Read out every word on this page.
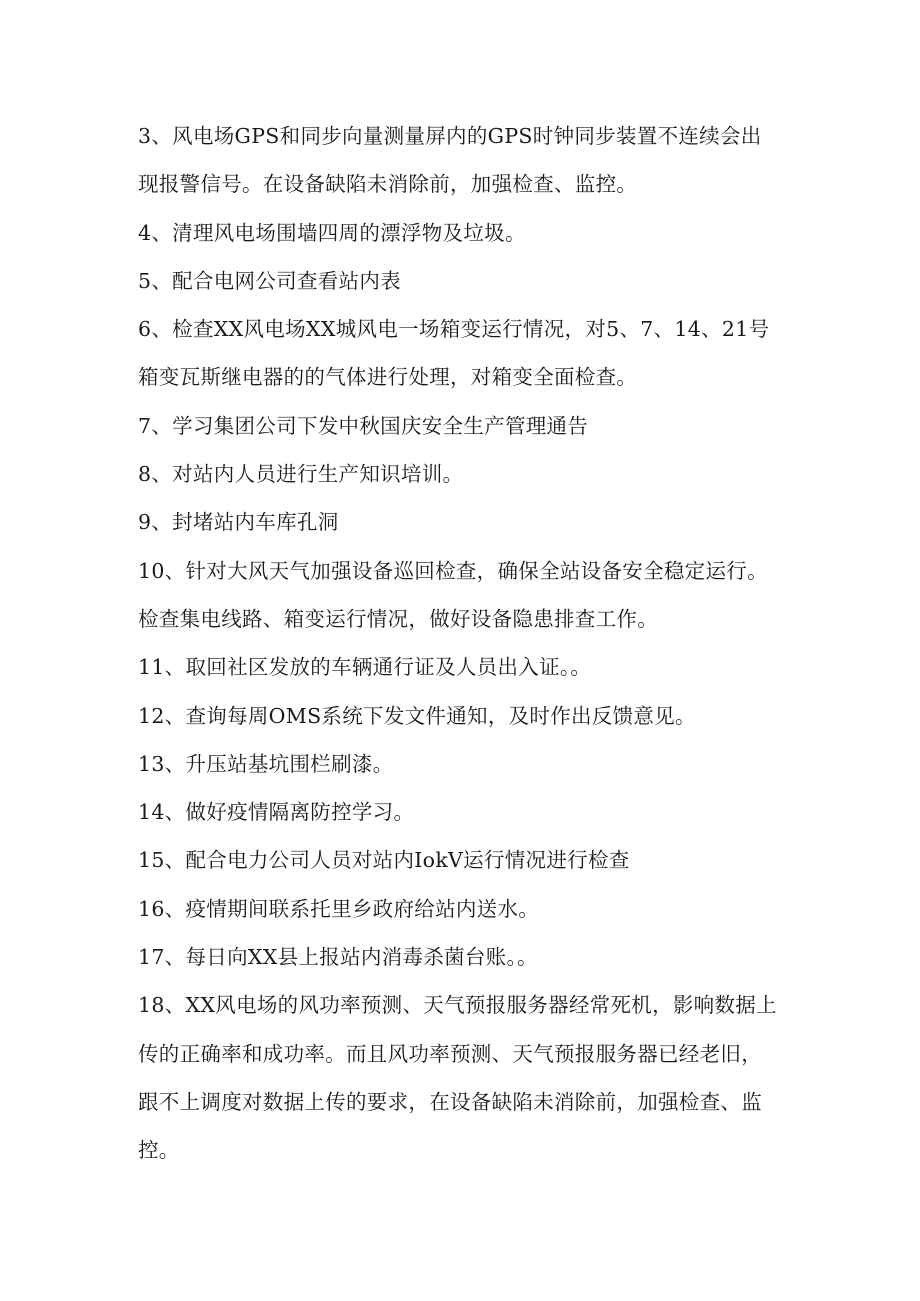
3、风电场GPS和同步向量测量屏内的GPS时钟同步装置不连续会出
现报警信号。在设备缺陷未消除前，加强检查、监控。
4、清理风电场围墙四周的漂浮物及垃圾。
5、配合电网公司查看站内表
6、检查XX风电场XX城风电一场箱变运行情况，对5、7、14、21号
箱变瓦斯继电器的的气体进行处理，对箱变全面检查。
7、学习集团公司下发中秋国庆安全生产管理通告
8、对站内人员进行生产知识培训。
9、封堵站内车库孔洞
10、针对大风天气加强设备巡回检查，确保全站设备安全稳定运行。
检查集电线路、箱变运行情况，做好设备隐患排查工作。
11、取回社区发放的车辆通行证及人员出入证。。
12、查询每周OMS系统下发文件通知，及时作出反馈意见。
13、升压站基坑围栏刷漆。
14、做好疫情隔离防控学习。
15、配合电力公司人员对站内IokV运行情况进行检查
16、疫情期间联系托里乡政府给站内送水。
17、每日向XX县上报站内消毒杀菌台账。。
18、XX风电场的风功率预测、天气预报服务器经常死机，影响数据上
传的正确率和成功率。而且风功率预测、天气预报服务器已经老旧，
跟不上调度对数据上传的要求，在设备缺陷未消除前，加强检查、监
控。
